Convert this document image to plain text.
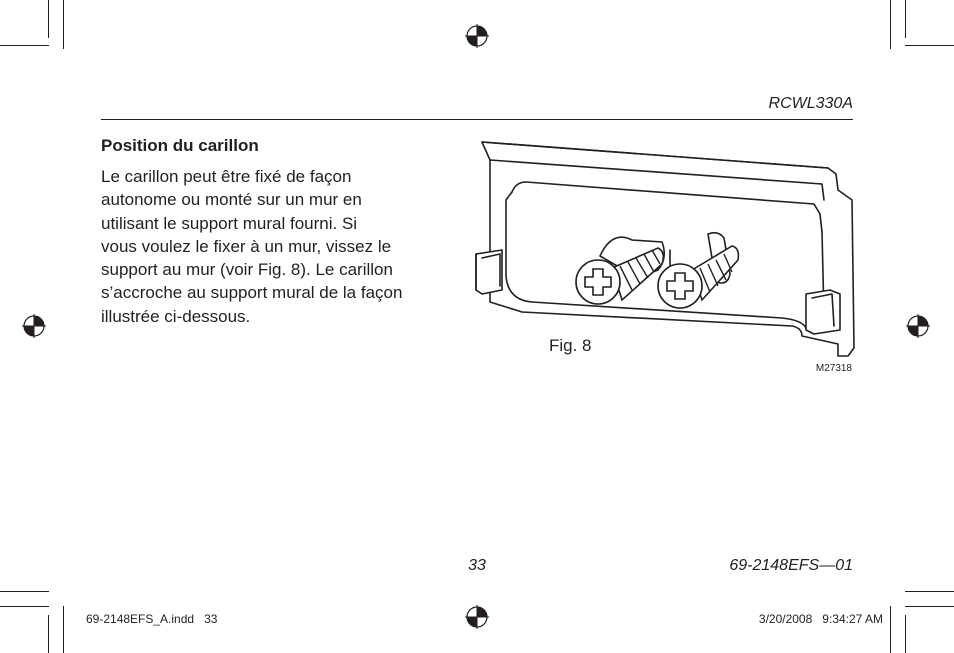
RCWL330A
Position du carillon
Le carillon peut être fixé de façon
autonome ou monté sur un mur en
utilisant le support mural fourni. Si
vous voulez le fixer à un mur, vissez le
support au mur (voir Fig. 8). Le carillon
s’accroche au support mural de la façon
illustrée ci-dessous.
Fig. 8
M27318
33	69-2148EFS—01
69-2148EFS_A.indd   33	3/20/2008   9:34:27 AM
